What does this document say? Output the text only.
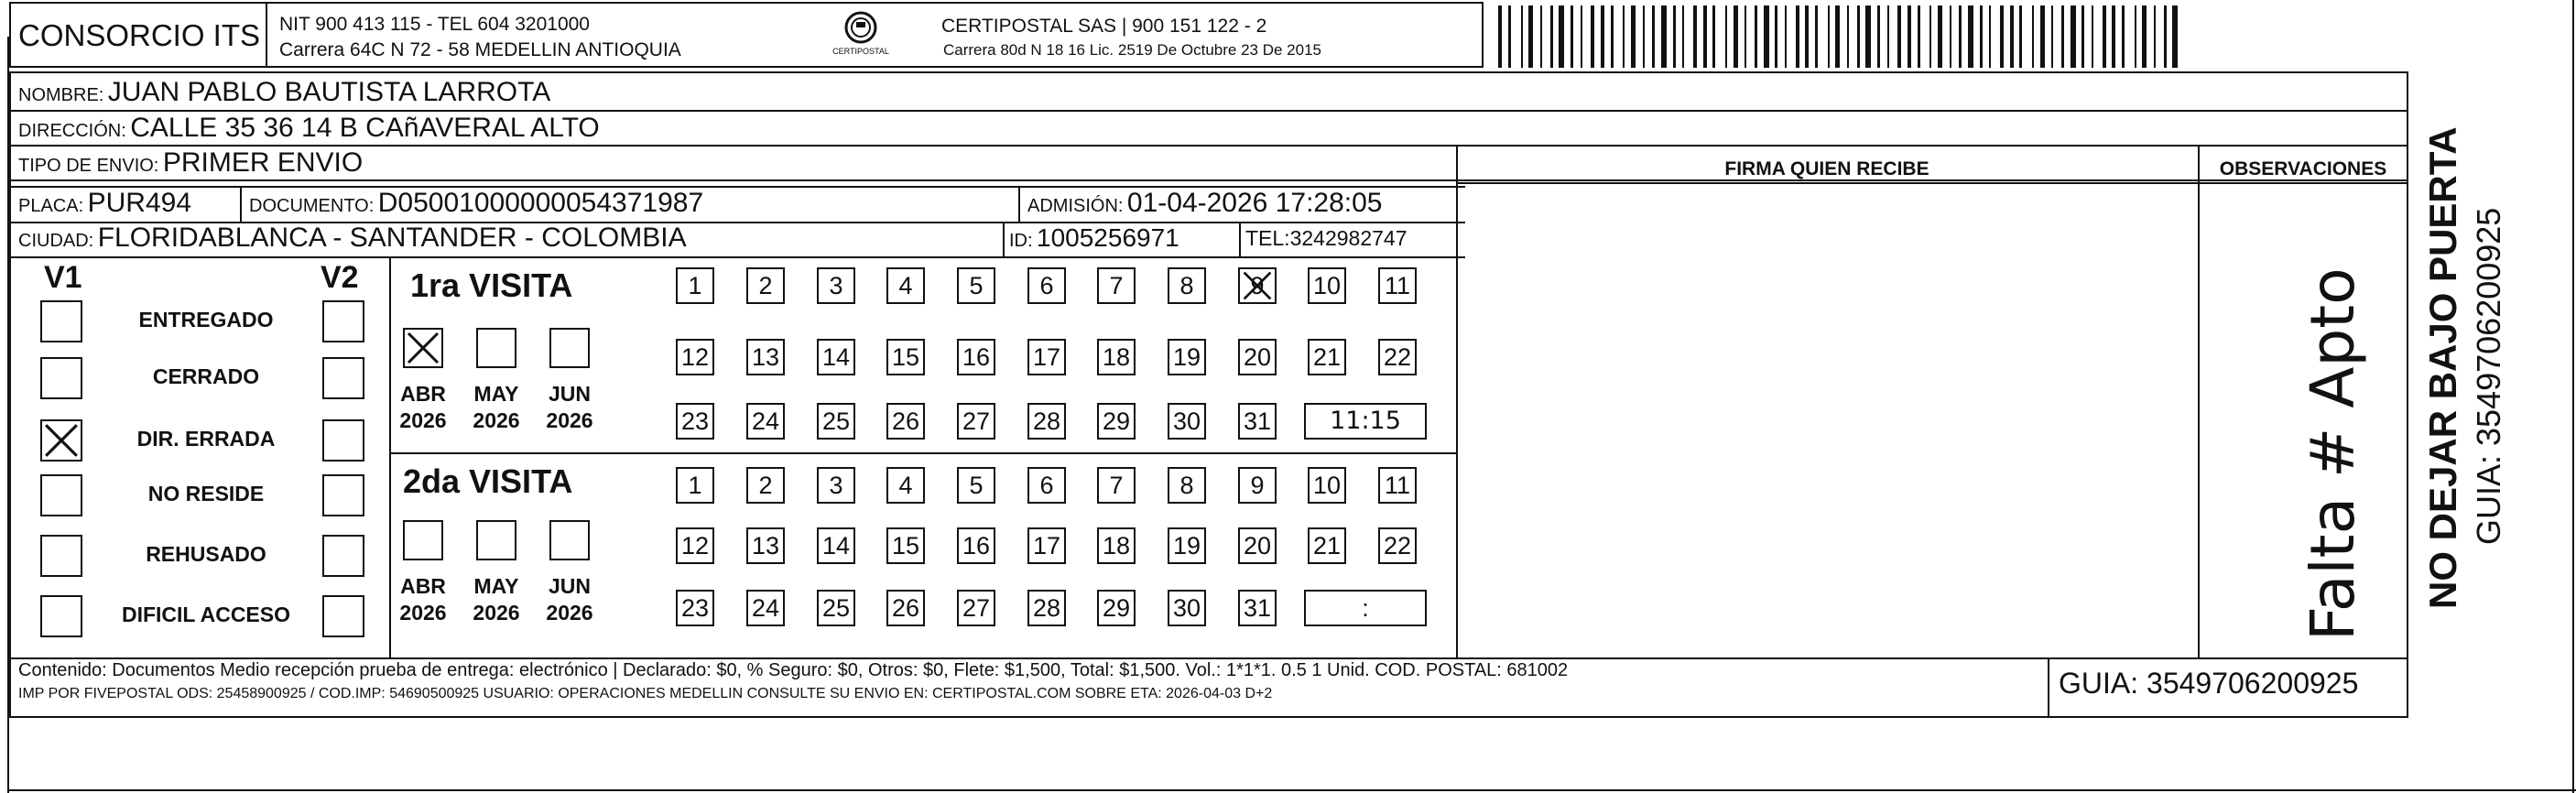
CONSORCIO ITS NIT 900 413 115 - TEL 604 3201000
Carrera 64C N 72 - 58 MEDELLIN ANTIOQUIA	CERTIPOSTAL
CERTIPOSTAL SAS | 900 151 122 - 2
Carrera 80d N 18 16 Lic. 2519 De Octubre 23 De 2015
NOMBRE: JUAN PABLO BAUTISTA LARROTA
DIRECCIÓN: CALLE 35 36 14 B CAñAVERAL ALTO
TIPO DE ENVIO: PRIMER ENVIO
PLACA: PUR494	DOCUMENTO: D05001000000054371987	ADMISIÓN: 01-04-2026 17:28:05
CIUDAD: FLORIDABLANCA - SANTANDER - COLOMBIA	ID: 1005256971	TEL:3242982747
FIRMA QUIEN RECIBE	OBSERVACIONES
Falta # Apto
V1	V2
ENTREGADO
CERRADO
DIR. ERRADA
NO RESIDE
REHUSADO
DIFICIL ACCESO
1ra VISITA
2da VISITA
ABR
2026
MAY
2026
JUN
2026
ABR
2026
MAY
2026
JUN
2026
1	2	3	4	5	6	7	8	9	10 11
12 13 14 15 16 17 18 19 20 21 22
23 24 25 26 27 28 29 30 31	11:15
1	2	3	4	5	6	7	8	9	10 11
12 13 14 15 16 17 18 19 20 21 22
23 24 25 26 27 28 29 30 31	:
Contenido: Documentos Medio recepción prueba de entrega: electrónico | Declarado: $0, % Seguro: $0, Otros: $0, Flete: $1,500, Total: $1,500. Vol.: 1*1*1. 0.5 1 Unid. COD. POSTAL: 681002
IMP POR FIVEPOSTAL ODS: 25458900925 / COD.IMP: 54690500925 USUARIO: OPERACIONES MEDELLIN CONSULTE SU ENVIO EN: CERTIPOSTAL.COM SOBRE ETA: 2026-04-03 D+2	GUIA: 3549706200925
NO DEJAR BAJO PUERTA GUIA: 3549706200925
